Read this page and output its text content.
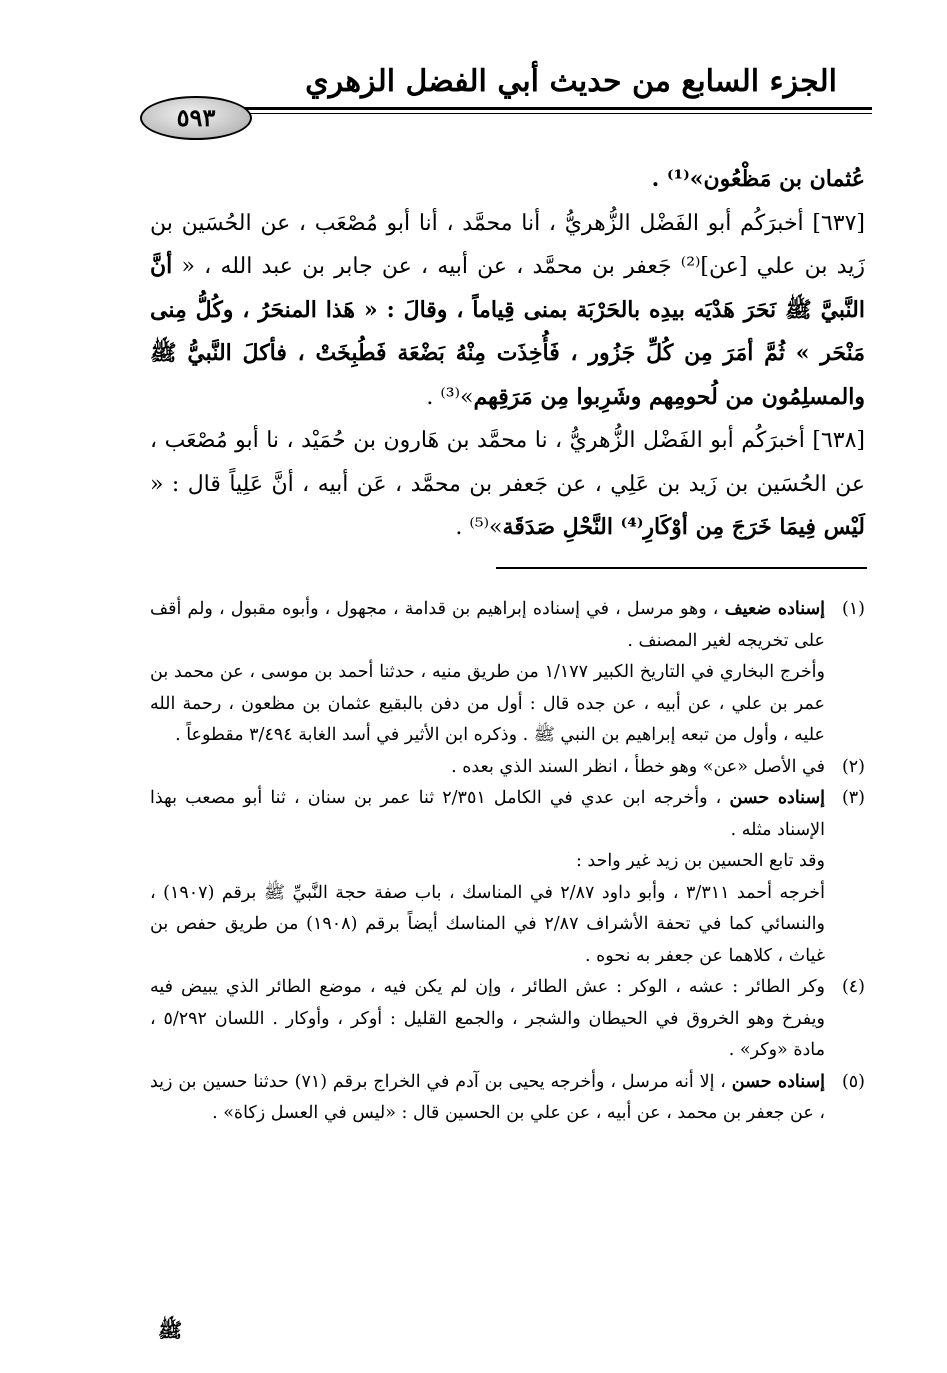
الجزء السابع من حديث أبي الفضل الزهري
٥٩٣

عُثمان بن مَظْعُون»⁽¹⁾ .

[٦٣٧] أخبرَكُم أبو الفَضْل الزُّهريُّ ، أنا محمَّد ، أنا أبو مُصْعَب ، عن الحُسَين بن زَيد بن علي [عن]⁽²⁾ جَعفر بن محمَّد ، عن أبيه ، عن جابر بن عبد الله ، « أنَّ النَّبيَّ ﷺ نَحَرَ هَدْيَه بيدِه بالحَرْبَة بمنى قِياماً ، وقالَ : « هَذا المنحَرُ ، وكُلُّ مِنى مَنْحَر » ثُمَّ أمَرَ مِن كُلِّ جَزُور ، فَأُخِذَت مِنْهُ بَضْعَة فَطُبِخَتْ ، فأكلَ النَّبيُّ ﷺ والمسلِمُون من لُحومِهم وشَرِبوا مِن مَرَقِهم»⁽³⁾ .

[٦٣٨] أخبرَكُم أبو الفَضْل الزُّهريُّ ، نا محمَّد بن هَارون بن حُمَيْد ، نا أبو مُصْعَب ، عن الحُسَين بن زَيد بن عَلِي ، عن جَعفر بن محمَّد ، عَن أبيه ، أنَّ عَلِياً قال : « لَيْس فِيمَا خَرَجَ مِن أوْكَارِ⁽⁴⁾ النَّحْلِ صَدَقَة»⁽⁵⁾ .

(١)

إسناده ضعيف ، وهو مرسل ، في إسناده إبراهيم بن قدامة ، مجهول ، وأبوه مقبول ، ولم أقف على تخريجه لغير المصنف .

وأخرج البخاري في التاريخ الكبير ١/١٧٧ من طريق منيه ، حدثنا أحمد بن موسى ، عن محمد بن عمر بن علي ، عن أبيه ، عن جده قال : أول من دفن بالبقيع عثمان بن مظعون ، رحمة الله عليه ، وأول من تبعه إبراهيم بن النبي ﷺ . وذكره ابن الأثير في أسد الغابة ٣/٤٩٤ مقطوعاً .

(٢)

في الأصل «عن» وهو خطأ ، انظر السند الذي بعده .

(٣)

إسناده حسن ، وأخرجه ابن عدي في الكامل ٢/٣٥١ ثنا عمر بن سنان ، ثنا أبو مصعب بهذا الإسناد مثله .

وقد تابع الحسين بن زيد غير واحد :

أخرجه أحمد ٣/٣١١ ، وأبو داود ٢/٨٧ في المناسك ، باب صفة حجة النَّبيِّ ﷺ برقم (١٩٠٧) ، والنسائي كما في تحفة الأشراف ٢/٨٧ في المناسك أيضاً برقم (١٩٠٨) من طريق حفص بن غياث ، كلاهما عن جعفر به نحوه .

(٤)

وكر الطائر : عشه ، الوكر : عش الطائر ، وإن لم يكن فيه ، موضع الطائر الذي يبيض فيه ويفرخ وهو الخروق في الحيطان والشجر ، والجمع القليل : أوكر ، وأوكار . اللسان ٥/٢٩٢ ، مادة «وكر» .

(٥)

إسناده حسن ، إلا أنه مرسل ، وأخرجه يحيى بن آدم في الخراج برقم (٧١) حدثنا حسين بن زيد ، عن جعفر بن محمد ، عن أبيه ، عن علي بن الحسين قال : «ليس في العسل زكاة» .

ﷺ
